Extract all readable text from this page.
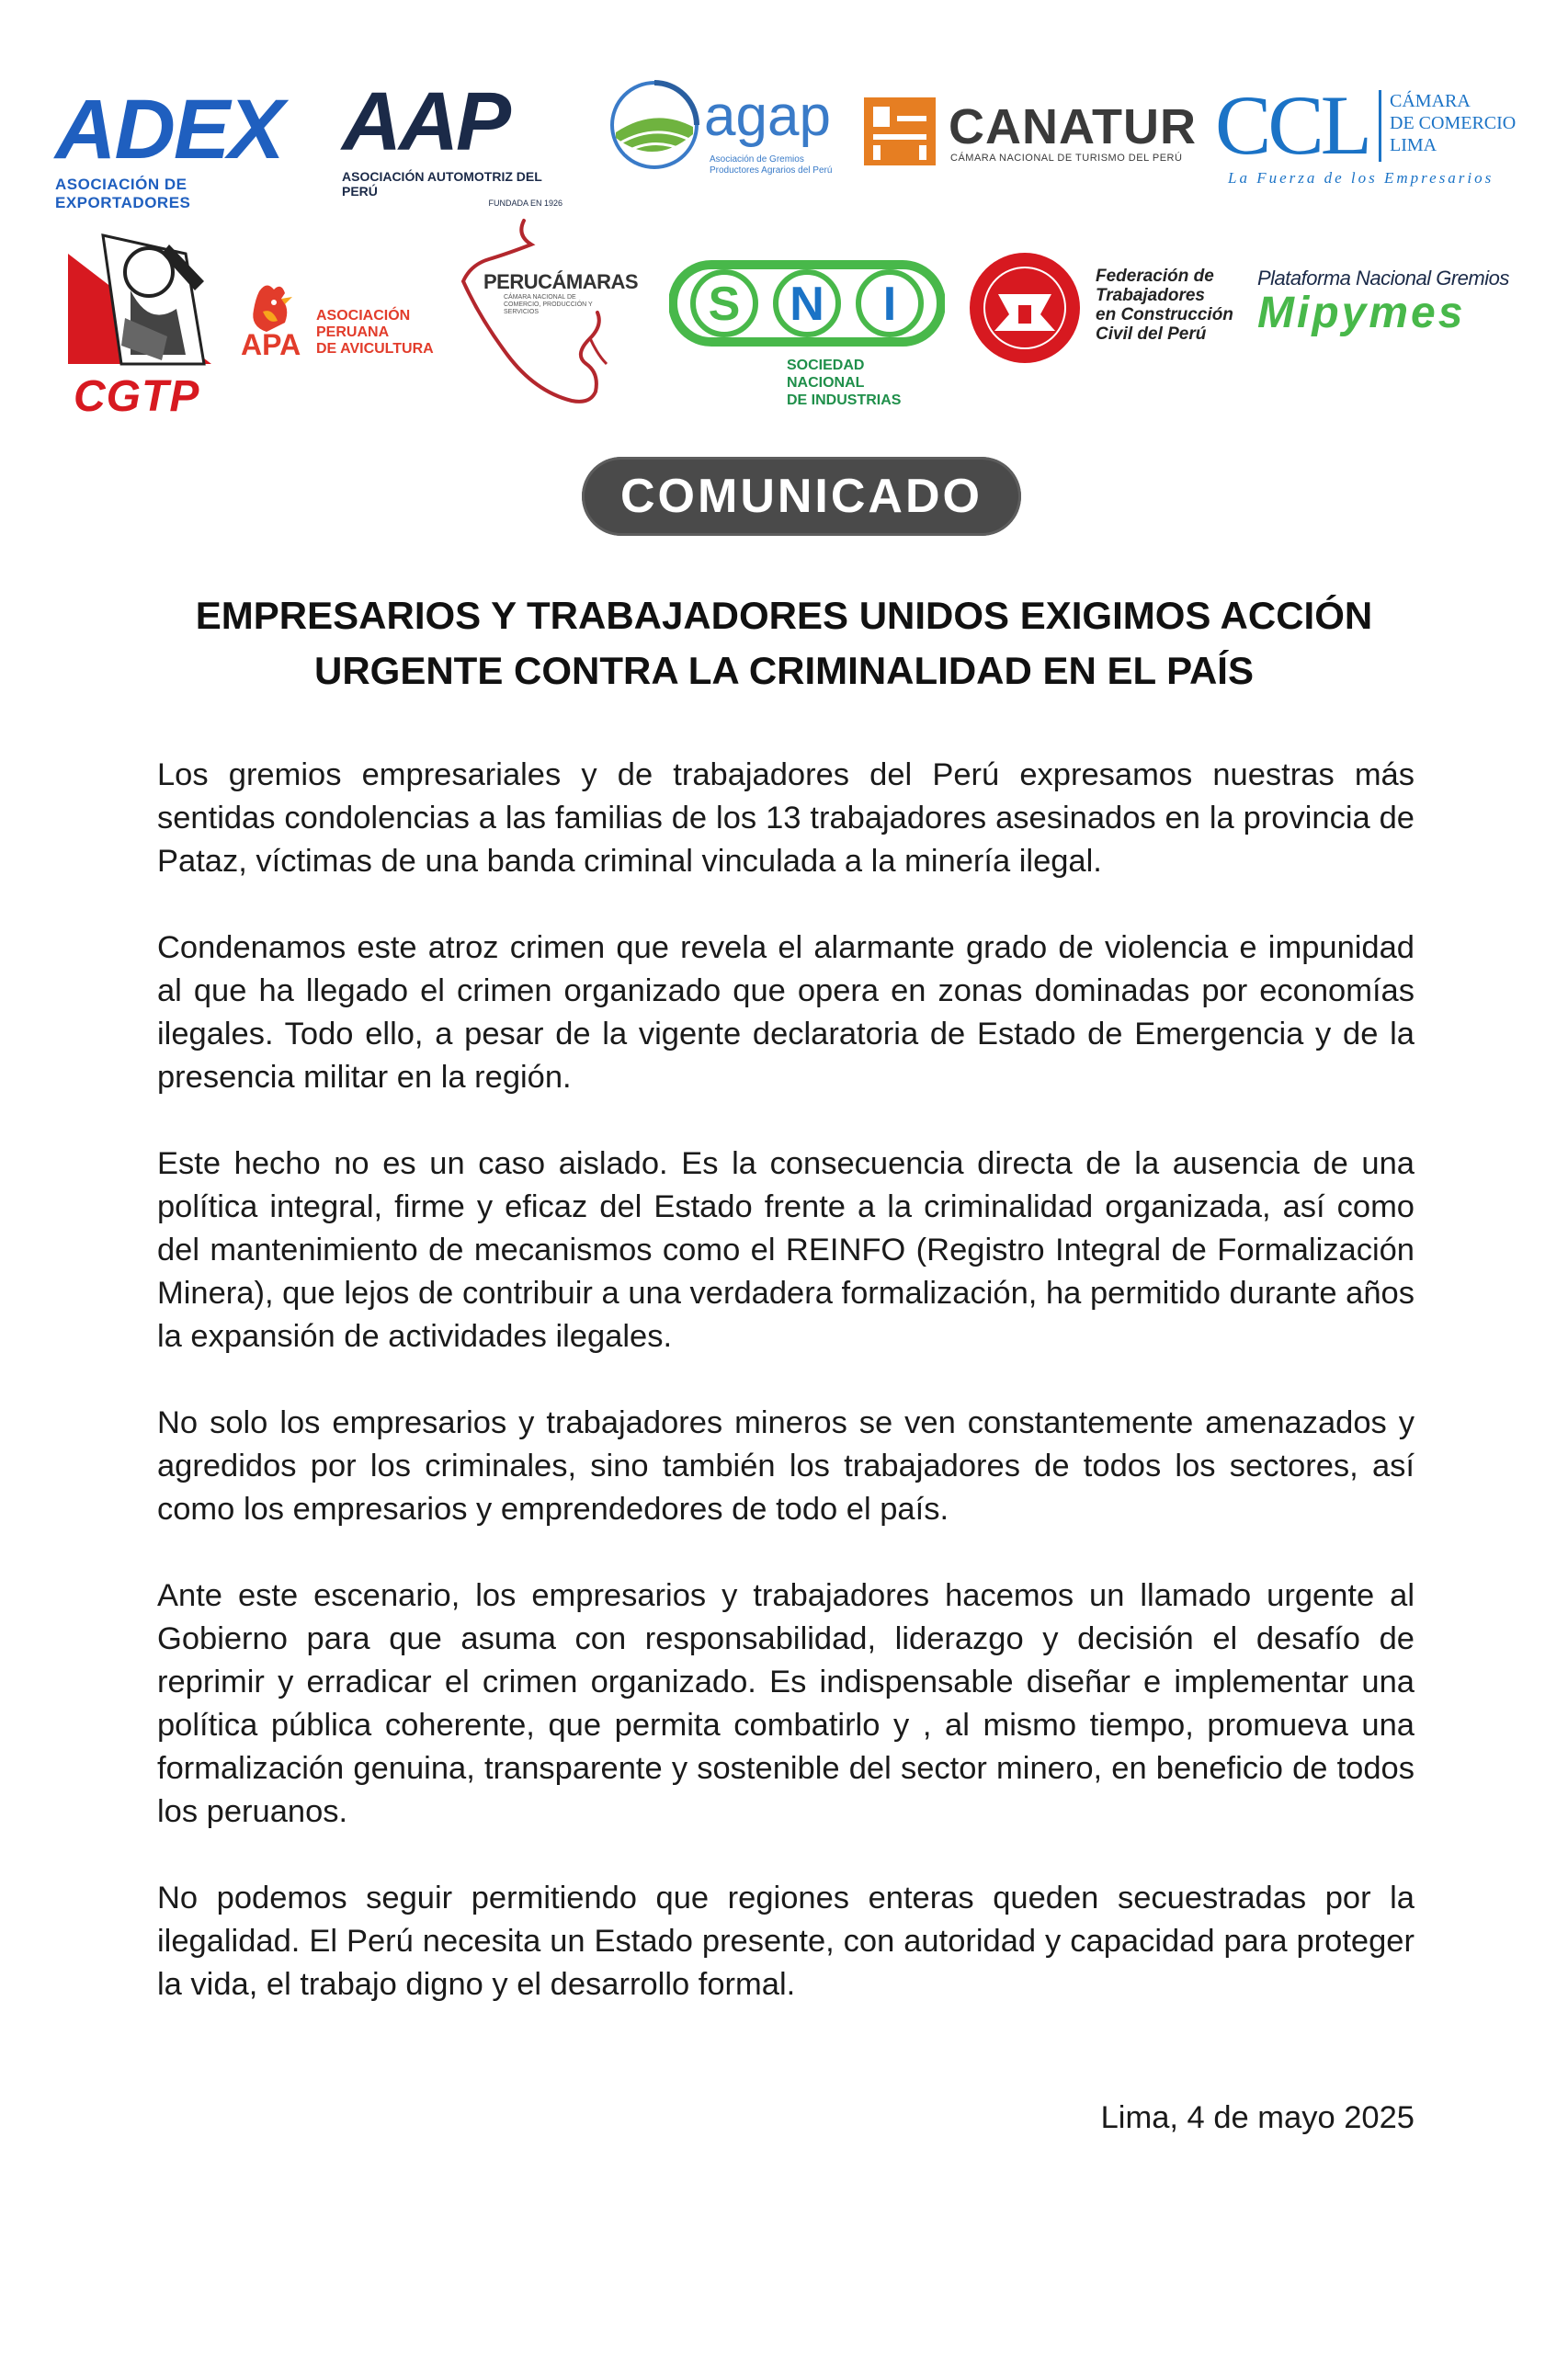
ADEX
ASOCIACIÓN DE EXPORTADORES
AAP
ASOCIACIÓN AUTOMOTRIZ DEL PERÚ
FUNDADA EN 1926
agap
Asociación de Gremios
Productores Agrarios del Perú
CANATUR
CÁMARA NACIONAL DE TURISMO DEL PERÚ CCL CÁMARA
DE COMERCIO
LIMA
La Fuerza de los Empresarios
CGTP
APA
ASOCIACIÓN
PERUANA
DE AVICULTURA
PERUCÁMARAS
CÁMARA NACIONAL DE COMERCIO, PRODUCCIÓN Y SERVICIOS	S N I
SOCIEDAD NACIONAL
DE INDUSTRIAS
Federación de
Trabajadores
en Construcción
Civil del Perú
Plataforma Nacional Gremios
Mipymes
COMUNICADO
EMPRESARIOS Y TRABAJADORES UNIDOS EXIGIMOS ACCIÓN
URGENTE CONTRA LA CRIMINALIDAD EN EL PAÍS

Los gremios empresariales y de trabajadores del Perú expresamos nuestras más sentidas condolencias a las familias de los 13 trabajadores asesinados en la provincia de Pataz, víctimas de una banda criminal vinculada a la minería ilegal.

Condenamos este atroz crimen que revela el alarmante grado de violencia e impunidad al que ha llegado el crimen organizado que opera en zonas dominadas por economías ilegales. Todo ello, a pesar de la vigente declaratoria de Estado de Emergencia y de la presencia militar en la región.

Este hecho no es un caso aislado. Es la consecuencia directa de la ausencia de una política integral, firme y eficaz del Estado frente a la criminalidad organizada, así como del mantenimiento de mecanismos como el REINFO (Registro Integral de Formalización Minera), que lejos de contribuir a una verdadera formalización, ha permitido durante años la expansión de actividades ilegales.

No solo los empresarios y trabajadores mineros se ven constantemente amenazados y agredidos por los criminales, sino también los trabajadores de todos los sectores, así como los empresarios y emprendedores de todo el país.

Ante este escenario, los empresarios y trabajadores hacemos un llamado urgente al Gobierno para que asuma con responsabilidad, liderazgo y decisión el desafío de reprimir y erradicar el crimen organizado. Es indispensable diseñar e implementar una política pública coherente, que permita combatirlo y , al mismo tiempo, promueva una formalización genuina, transparente y sostenible del sector minero, en beneficio de todos los peruanos.

No podemos seguir permitiendo que regiones enteras queden secuestradas por la ilegalidad. El Perú necesita un Estado presente, con autoridad y capacidad para proteger la vida, el trabajo digno y el desarrollo formal.

Lima, 4 de mayo 2025
